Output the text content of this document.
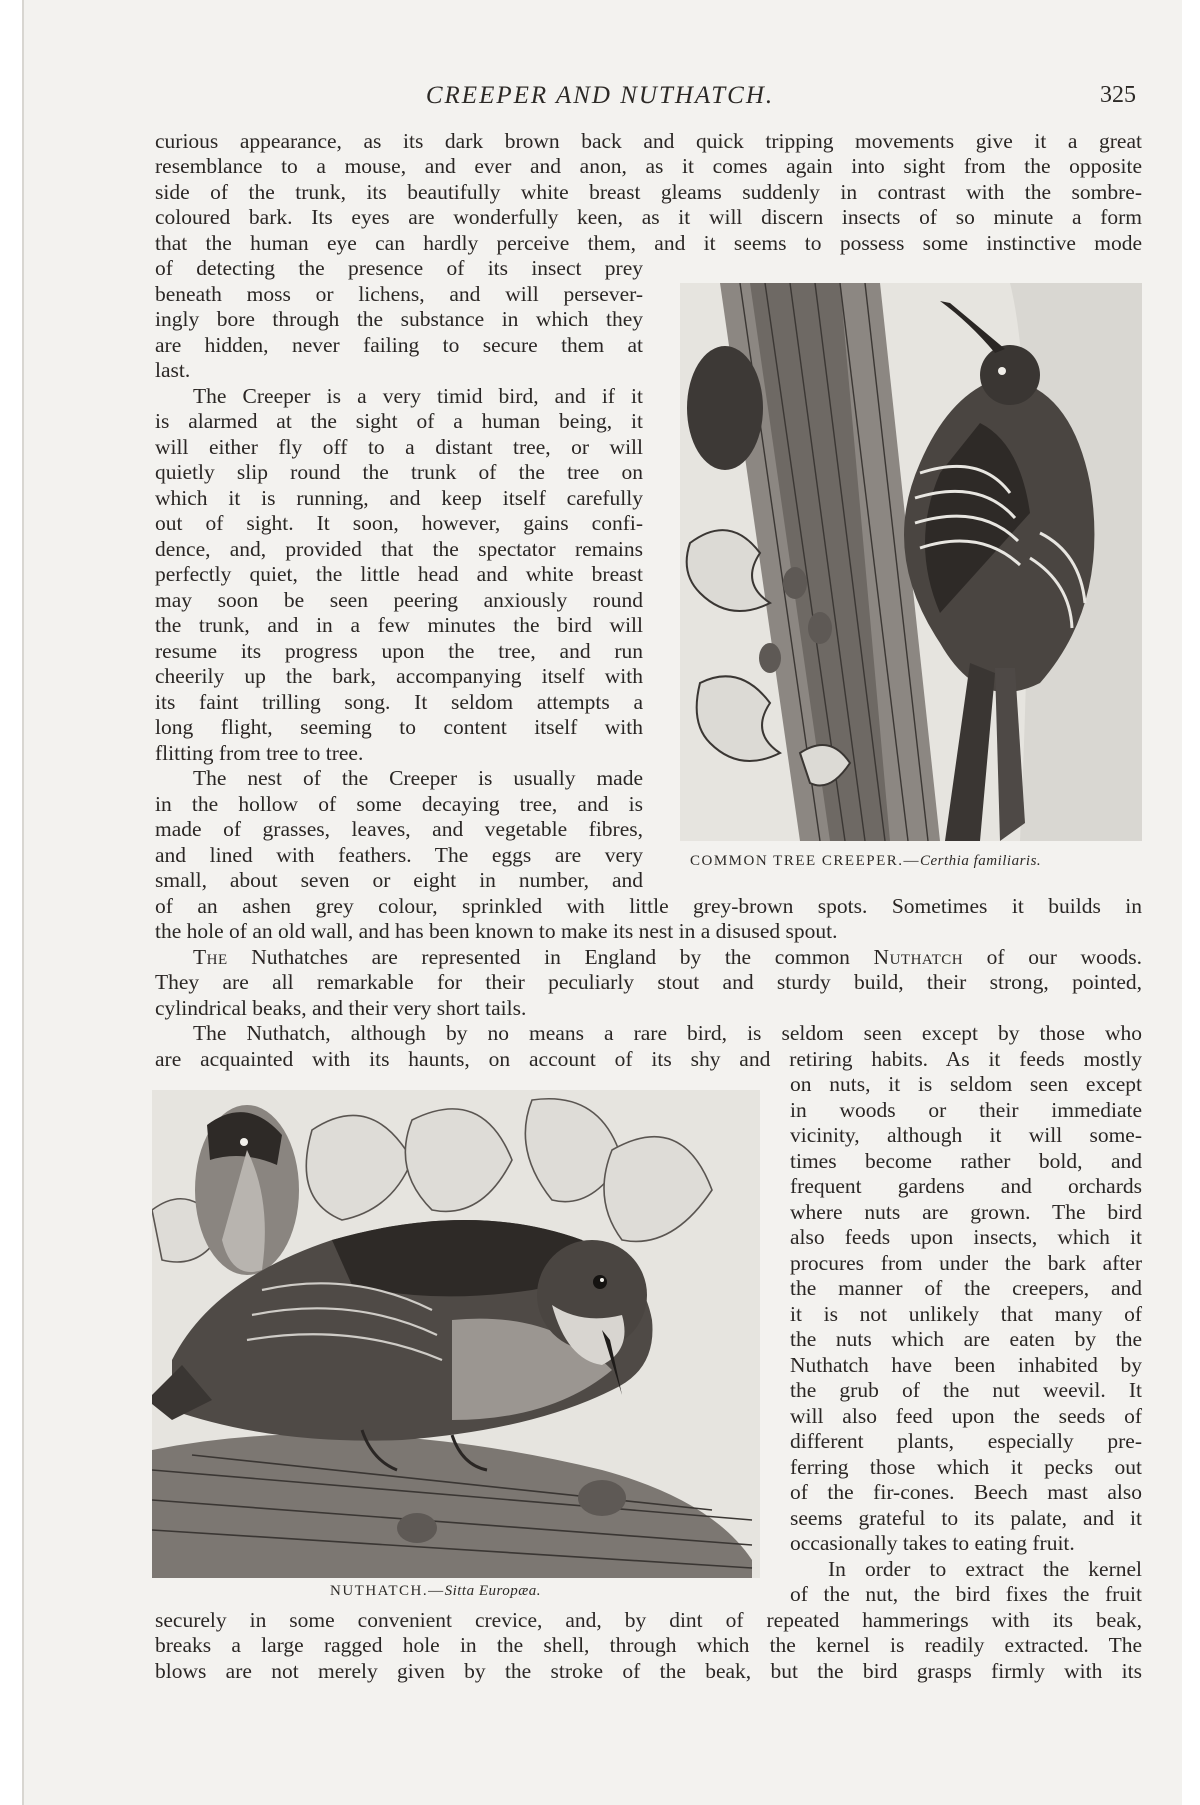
CREEPER AND NUTHATCH.	325
COMMON TREE CREEPER.—Certhia familiaris.
NUTHATCH.—Sitta Europæa.
curious appearance, as its dark brown back and quick tripping movements give it a great
resemblance to a mouse, and ever and anon, as it comes again into sight from the opposite
side of the trunk, its beautifully white breast gleams suddenly in contrast with the sombre-
coloured bark. Its eyes are wonderfully keen, as it will discern insects of so minute a form
that the human eye can hardly perceive them, and it seems to possess some instinctive mode
of detecting the presence of its insect prey
beneath moss or lichens, and will persever-
ingly bore through the substance in which they
are hidden, never failing to secure them at
last.
The Creeper is a very timid bird, and if it
is alarmed at the sight of a human being, it
will either fly off to a distant tree, or will
quietly slip round the trunk of the tree on
which it is running, and keep itself carefully
out of sight. It soon, however, gains confi-
dence, and, provided that the spectator remains
perfectly quiet, the little head and white breast
may soon be seen peering anxiously round
the trunk, and in a few minutes the bird will
resume its progress upon the tree, and run
cheerily up the bark, accompanying itself with
its faint trilling song. It seldom attempts a
long flight, seeming to content itself with
flitting from tree to tree.
The nest of the Creeper is usually made
in the hollow of some decaying tree, and is
made of grasses, leaves, and vegetable fibres,
and lined with feathers. The eggs are very
small, about seven or eight in number, and
of an ashen grey colour, sprinkled with little grey-brown spots. Sometimes it builds in
the hole of an old wall, and has been known to make its nest in a disused spout.
The Nuthatches are represented in England by the common Nuthatch of our woods.
They are all remarkable for their peculiarly stout and sturdy build, their strong, pointed,
cylindrical beaks, and their very short tails.
The Nuthatch, although by no means a rare bird, is seldom seen except by those who
are acquainted with its haunts, on account of its shy and retiring habits. As it feeds mostly
on nuts, it is seldom seen except
in woods or their immediate
vicinity, although it will some-
times become rather bold, and
frequent gardens and orchards
where nuts are grown. The bird
also feeds upon insects, which it
procures from under the bark after
the manner of the creepers, and
it is not unlikely that many of
the nuts which are eaten by the
Nuthatch have been inhabited by
the grub of the nut weevil. It
will also feed upon the seeds of
different plants, especially pre-
ferring those which it pecks out
of the fir-cones. Beech mast also
seems grateful to its palate, and it
occasionally takes to eating fruit.
In order to extract the kernel
of the nut, the bird fixes the fruit
securely in some convenient crevice, and, by dint of repeated hammerings with its beak,
breaks a large ragged hole in the shell, through which the kernel is readily extracted. The
blows are not merely given by the stroke of the beak, but the bird grasps firmly with its
